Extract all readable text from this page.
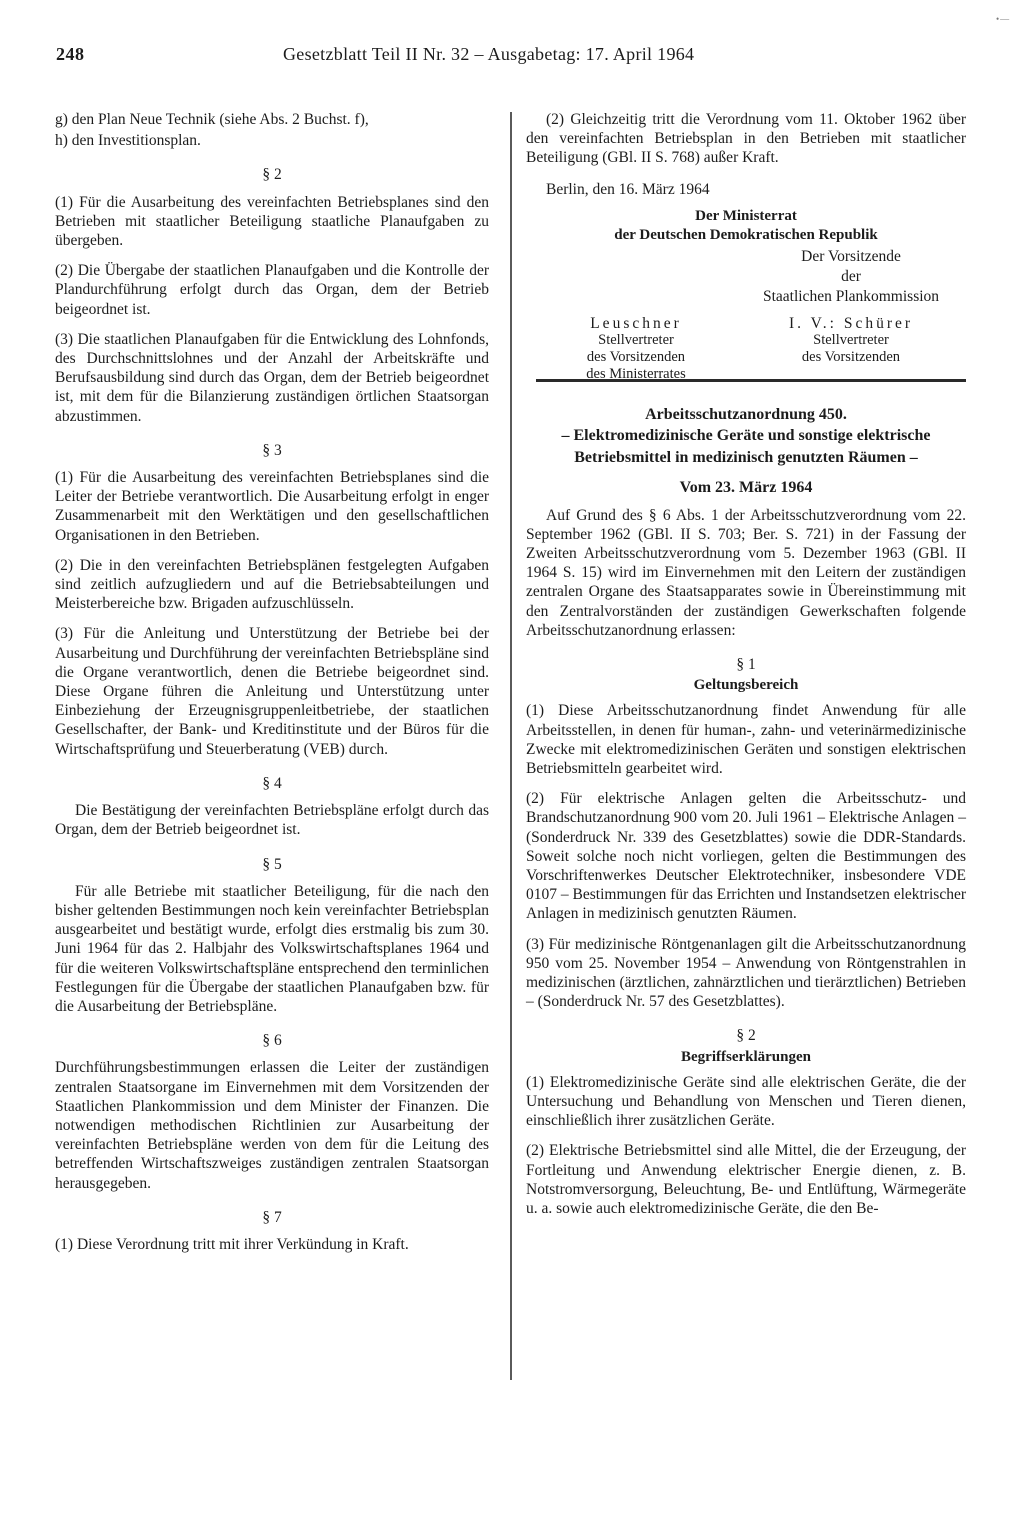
248	Gesetzblatt Teil II Nr. 32 – Ausgabetag: 17. April 1964
•—
g) den Plan Neue Technik (siehe Abs. 2 Buchst. f),
h) den Investitionsplan.
§ 2

(1) Für die Ausarbeitung des vereinfachten Betriebsplanes sind den Betrieben mit staatlicher Beteiligung staatliche Planaufgaben zu übergeben.

(2) Die Übergabe der staatlichen Planaufgaben und die Kontrolle der Plandurchführung erfolgt durch das Organ, dem der Betrieb beigeordnet ist.

(3) Die staatlichen Planaufgaben für die Entwicklung des Lohnfonds, des Durchschnittslohnes und der Anzahl der Arbeitskräfte und Berufsausbildung sind durch das Organ, dem der Betrieb beigeordnet ist, mit dem für die Bilanzierung zuständigen örtlichen Staatsorgan abzustimmen.

§ 3

(1) Für die Ausarbeitung des vereinfachten Betriebsplanes sind die Leiter der Betriebe verantwortlich. Die Ausarbeitung erfolgt in enger Zusammenarbeit mit den Werktätigen und den gesellschaftlichen Organisationen in den Betrieben.

(2) Die in den vereinfachten Betriebsplänen festgelegten Aufgaben sind zeitlich aufzugliedern und auf die Betriebsabteilungen und Meisterbereiche bzw. Brigaden aufzuschlüsseln.

(3) Für die Anleitung und Unterstützung der Betriebe bei der Ausarbeitung und Durchführung der vereinfachten Betriebspläne sind die Organe verantwortlich, denen die Betriebe beigeordnet sind. Diese Organe führen die Anleitung und Unterstützung unter Einbeziehung der Erzeugnisgruppenleitbetriebe, der staatlichen Gesellschafter, der Bank- und Kreditinstitute und der Büros für die Wirtschaftsprüfung und Steuerberatung (VEB) durch.

§ 4

Die Bestätigung der vereinfachten Betriebspläne erfolgt durch das Organ, dem der Betrieb beigeordnet ist.

§ 5

Für alle Betriebe mit staatlicher Beteiligung, für die nach den bisher geltenden Bestimmungen noch kein vereinfachter Betriebsplan ausgearbeitet und bestätigt wurde, erfolgt dies erstmalig bis zum 30. Juni 1964 für das 2. Halbjahr des Volkswirtschaftsplanes 1964 und für die weiteren Volkswirtschaftspläne entsprechend den terminlichen Festlegungen für die Übergabe der staatlichen Planaufgaben bzw. für die Ausarbeitung der Betriebspläne.

§ 6

Durchführungsbestimmungen erlassen die Leiter der zuständigen zentralen Staatsorgane im Einvernehmen mit dem Vorsitzenden der Staatlichen Plankommission und dem Minister der Finanzen. Die notwendigen methodischen Richtlinien zur Ausarbeitung der vereinfachten Betriebspläne werden von dem für die Leitung des betreffenden Wirtschaftszweiges zuständigen zentralen Staatsorgan herausgegeben.

§ 7

(1) Diese Verordnung tritt mit ihrer Verkündung in Kraft.

(2) Gleichzeitig tritt die Verordnung vom 11. Oktober 1962 über den vereinfachten Betriebsplan in den Betrieben mit staatlicher Beteiligung (GBl. II S. 768) außer Kraft.

Berlin, den 16. März 1964
Der Ministerrat
der Deutschen Demokratischen Republik
Der Vorsitzende
der
Staatlichen Plankommission
Leuschner
Stellvertreter
des Vorsitzenden
des Ministerrates
I. V.: Schürer
Stellvertreter
des Vorsitzenden
Arbeitsschutzanordnung 450.
– Elektromedizinische Geräte und sonstige elektrische Betriebsmittel in medizinisch genutzten Räumen –
Vom 23. März 1964

Auf Grund des § 6 Abs. 1 der Arbeitsschutzverordnung vom 22. September 1962 (GBl. II S. 703; Ber. S. 721) in der Fassung der Zweiten Arbeitsschutzverordnung vom 5. Dezember 1963 (GBl. II 1964 S. 15) wird im Einvernehmen mit den Leitern der zuständigen zentralen Organe des Staatsapparates sowie in Übereinstimmung mit den Zentralvorständen der zuständigen Gewerkschaften folgende Arbeitsschutzanordnung erlassen:

§ 1
Geltungsbereich

(1) Diese Arbeitsschutzanordnung findet Anwendung für alle Arbeitsstellen, in denen für human-, zahn- und veterinärmedizinische Zwecke mit elektromedizinischen Geräten und sonstigen elektrischen Betriebsmitteln gearbeitet wird.

(2) Für elektrische Anlagen gelten die Arbeitsschutz- und Brandschutzanordnung 900 vom 20. Juli 1961 – Elektrische Anlagen – (Sonderdruck Nr. 339 des Gesetzblattes) sowie die DDR-Standards. Soweit solche noch nicht vorliegen, gelten die Bestimmungen des Vorschriftenwerkes Deutscher Elektrotechniker, insbesondere VDE 0107 – Bestimmungen für das Errichten und Instandsetzen elektrischer Anlagen in medizinisch genutzten Räumen.

(3) Für medizinische Röntgenanlagen gilt die Arbeitsschutzanordnung 950 vom 25. November 1954 – Anwendung von Röntgenstrahlen in medizinischen (ärztlichen, zahnärztlichen und tierärztlichen) Betrieben – (Sonderdruck Nr. 57 des Gesetzblattes).

§ 2
Begriffserklärungen

(1) Elektromedizinische Geräte sind alle elektrischen Geräte, die der Untersuchung und Behandlung von Menschen und Tieren dienen, einschließlich ihrer zusätzlichen Geräte.

(2) Elektrische Betriebsmittel sind alle Mittel, die der Erzeugung, der Fortleitung und Anwendung elektrischer Energie dienen, z. B. Notstromversorgung, Beleuchtung, Be- und Entlüftung, Wärmegeräte u. a. sowie auch elektromedizinische Geräte, die den Be-
